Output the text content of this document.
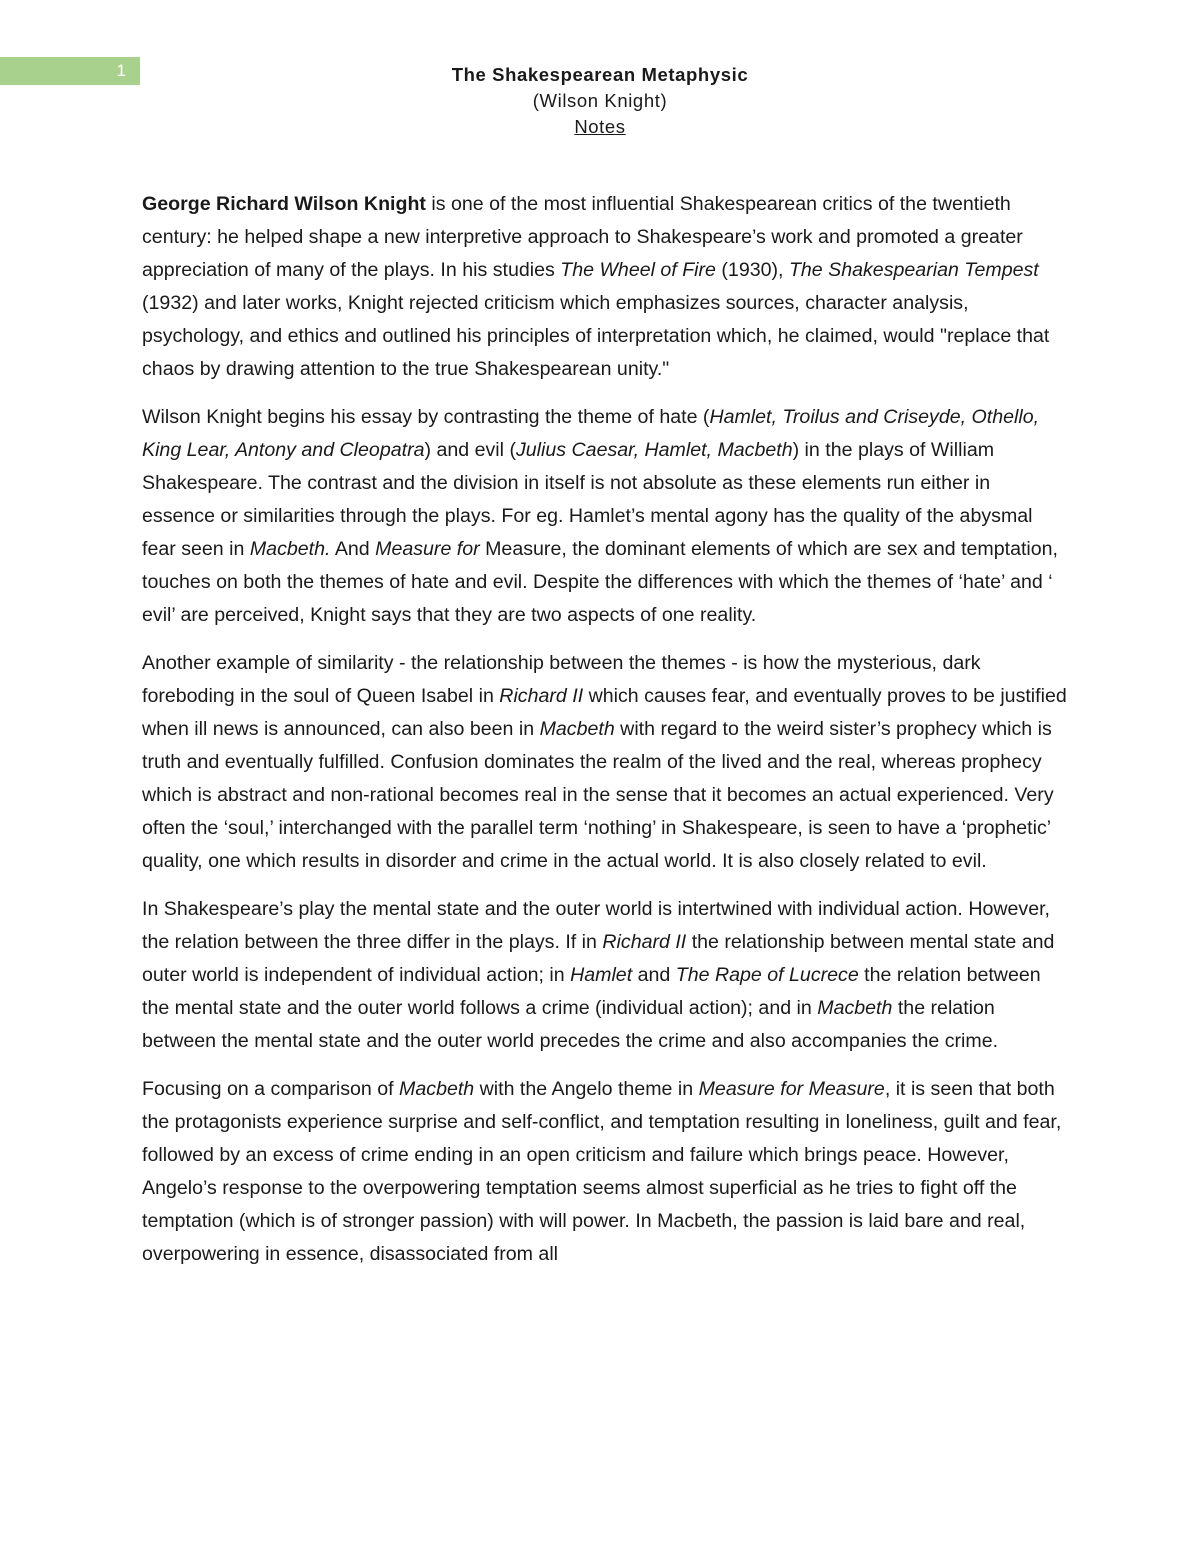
1	The Shakespearean Metaphysic
(Wilson Knight)
Notes

George Richard Wilson Knight is one of the most influential Shakespearean critics of the twentieth century: he helped shape a new interpretive approach to Shakespeare’s work and promoted a greater appreciation of many of the plays. In his studies The Wheel of Fire (1930), The Shakespearian Tempest (1932) and later works, Knight rejected criticism which emphasizes sources, character analysis, psychology, and ethics and outlined his principles of interpretation which, he claimed, would "replace that chaos by drawing attention to the true Shakespearean unity."

Wilson Knight begins his essay by contrasting the theme of hate (Hamlet, Troilus and Criseyde, Othello, King Lear, Antony and Cleopatra) and evil (Julius Caesar, Hamlet, Macbeth) in the plays of William Shakespeare. The contrast and the division in itself is not absolute as these elements run either in essence or similarities through the plays. For eg. Hamlet’s mental agony has the quality of the abysmal fear seen in Macbeth. And Measure for Measure, the dominant elements of which are sex and temptation, touches on both the themes of hate and evil. Despite the differences with which the themes of ‘hate’ and ‘ evil’ are perceived, Knight says that they are two aspects of one reality.

Another example of similarity - the relationship between the themes - is how the mysterious, dark foreboding in the soul of Queen Isabel in Richard II which causes fear, and eventually proves to be justified when ill news is announced, can also been in Macbeth with regard to the weird sister’s prophecy which is truth and eventually fulfilled. Confusion dominates the realm of the lived and the real, whereas prophecy which is abstract and non-rational becomes real in the sense that it becomes an actual experienced. Very often the ‘soul,’ interchanged with the parallel term ‘nothing’ in Shakespeare, is seen to have a ‘prophetic’ quality, one which results in disorder and crime in the actual world. It is also closely related to evil.

In Shakespeare’s play the mental state and the outer world is intertwined with individual action. However, the relation between the three differ in the plays. If in Richard II the relationship between mental state and outer world is independent of individual action; in Hamlet and The Rape of Lucrece the relation between the mental state and the outer world follows a crime (individual action); and in Macbeth the relation between the mental state and the outer world precedes the crime and also accompanies the crime.

Focusing on a comparison of Macbeth with the Angelo theme in Measure for Measure, it is seen that both the protagonists experience surprise and self-conflict, and temptation resulting in loneliness, guilt and fear, followed by an excess of crime ending in an open criticism and failure which brings peace. However, Angelo’s response to the overpowering temptation seems almost superficial as he tries to fight off the temptation (which is of stronger passion) with will power. In Macbeth, the passion is laid bare and real, overpowering in essence, disassociated from all
